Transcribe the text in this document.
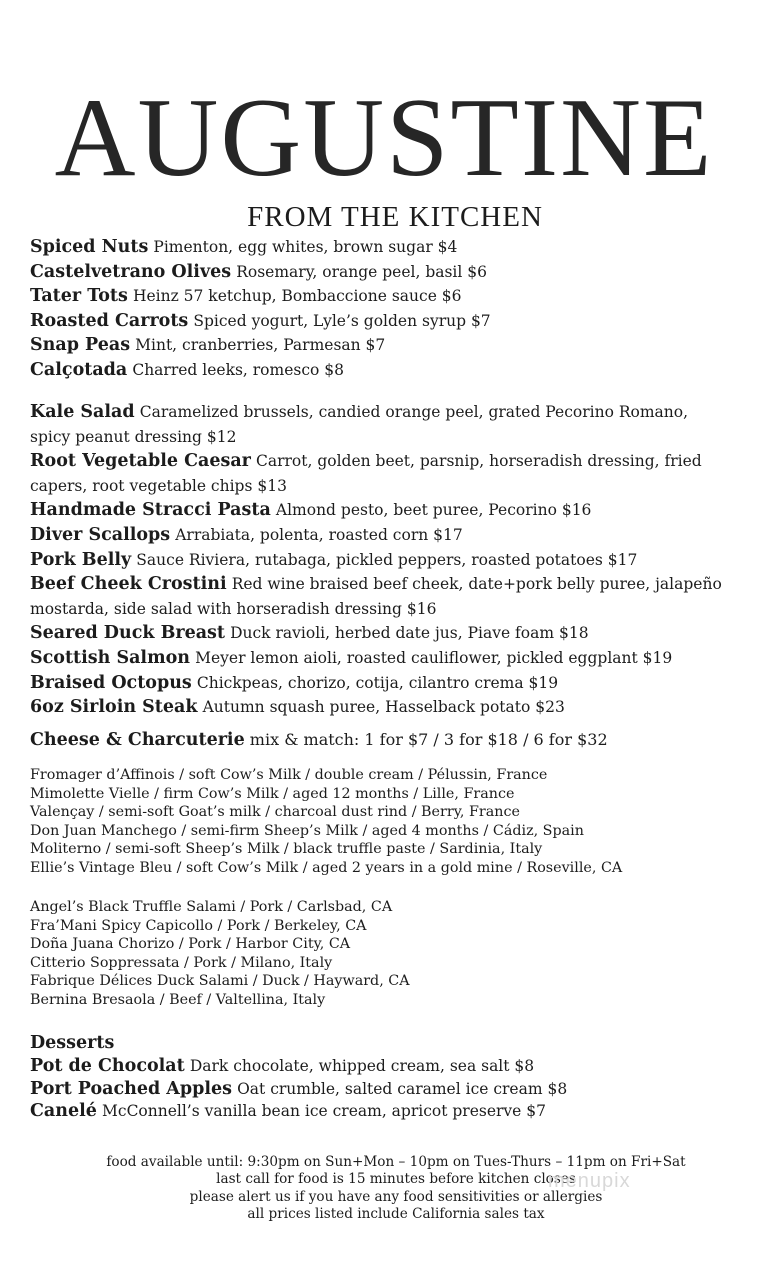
AUGUSTINE
FROM THE KITCHEN
Spiced Nuts Pimenton, egg whites, brown sugar $4
Castelvetrano Olives Rosemary, orange peel, basil $6
Tater Tots Heinz 57 ketchup, Bombaccione sauce $6
Roasted Carrots Spiced yogurt, Lyle’s golden syrup $7
Snap Peas Mint, cranberries, Parmesan $7
Calçotada Charred leeks, romesco $8
Kale Salad Caramelized brussels, candied orange peel, grated Pecorino Romano, spicy peanut dressing $12
Root Vegetable Caesar Carrot, golden beet, parsnip, horseradish dressing, fried capers, root vegetable chips $13
Handmade Stracci Pasta Almond pesto, beet puree, Pecorino $16
Diver Scallops Arrabiata, polenta, roasted corn $17
Pork Belly Sauce Riviera, rutabaga, pickled peppers, roasted potatoes $17
Beef Cheek Crostini Red wine braised beef cheek, date+pork belly puree, jalapeño mostarda, side salad with horseradish dressing $16
Seared Duck Breast Duck ravioli, herbed date jus, Piave foam $18
Scottish Salmon Meyer lemon aioli, roasted cauliflower, pickled eggplant $19
Braised Octopus Chickpeas, chorizo, cotija, cilantro crema $19
6oz Sirloin Steak Autumn squash puree, Hasselback potato $23
Cheese & Charcuterie mix & match: 1 for $7 / 3 for $18 / 6 for $32
Fromager d’Affinois / soft Cow’s Milk / double cream / Pélussin, France
Mimolette Vielle / firm Cow’s Milk / aged 12 months / Lille, France
Valençay / semi-soft Goat’s milk / charcoal dust rind / Berry, France
Don Juan Manchego / semi-firm Sheep’s Milk / aged 4 months / Cádiz, Spain
Moliterno / semi-soft Sheep’s Milk / black truffle paste / Sardinia, Italy
Ellie’s Vintage Bleu / soft Cow’s Milk / aged 2 years in a gold mine / Roseville, CA
Angel’s Black Truffle Salami / Pork / Carlsbad, CA
Fra’Mani Spicy Capicollo / Pork / Berkeley, CA
Doña Juana Chorizo / Pork / Harbor City, CA
Citterio Soppressata / Pork / Milano, Italy
Fabrique Délices Duck Salami / Duck / Hayward, CA
Bernina Bresaola / Beef / Valtellina, Italy
Desserts
Pot de Chocolat Dark chocolate, whipped cream, sea salt $8
Port Poached Apples Oat crumble, salted caramel ice cream $8
Canelé McConnell’s vanilla bean ice cream, apricot preserve $7
food available until: 9:30pm on Sun+Mon – 10pm on Tues-Thurs – 11pm on Fri+Sat
last call for food is 15 minutes before kitchen closes
please alert us if you have any food sensitivities or allergies
all prices listed include California sales tax
menupix
